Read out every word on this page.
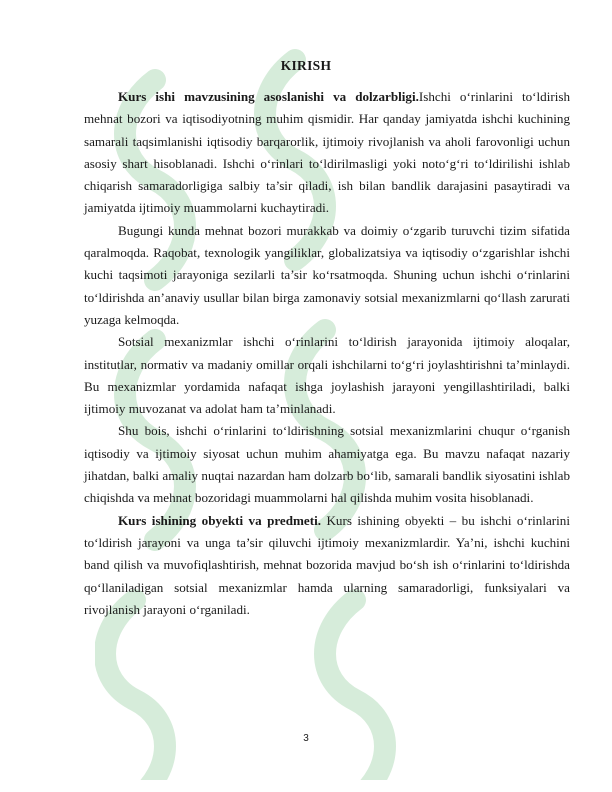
KIRISH

Kurs ishi mavzusining asoslanishi va dolzarbligi.Ishchi o‘rinlarini to‘ldirish mehnat bozori va iqtisodiyotning muhim qismidir. Har qanday jamiyatda ishchi kuchining samarali taqsimlanishi iqtisodiy barqarorlik, ijtimoiy rivojlanish va aholi farovonligi uchun asosiy shart hisoblanadi. Ishchi o‘rinlari to‘ldirilmasligi yoki noto‘g‘ri to‘ldirilishi ishlab chiqarish samaradorligiga salbiy ta’sir qiladi, ish bilan bandlik darajasini pasaytiradi va jamiyatda ijtimoiy muammolarni kuchaytiradi.

Bugungi kunda mehnat bozori murakkab va doimiy o‘zgarib turuvchi tizim sifatida qaralmoqda. Raqobat, texnologik yangiliklar, globalizatsiya va iqtisodiy o‘zgarishlar ishchi kuchi taqsimoti jarayoniga sezilarli ta’sir ko‘rsatmoqda. Shuning uchun ishchi o‘rinlarini to‘ldirishda an’anaviy usullar bilan birga zamonaviy sotsial mexanizmlarni qo‘llash zarurati yuzaga kelmoqda.

Sotsial mexanizmlar ishchi o‘rinlarini to‘ldirish jarayonida ijtimoiy aloqalar, institutlar, normativ va madaniy omillar orqali ishchilarni to‘g‘ri joylashtirishni ta’minlaydi. Bu mexanizmlar yordamida nafaqat ishga joylashish jarayoni yengillashtiriladi, balki ijtimoiy muvozanat va adolat ham ta’minlanadi.

Shu bois, ishchi o‘rinlarini to‘ldirishning sotsial mexanizmlarini chuqur o‘rganish iqtisodiy va ijtimoiy siyosat uchun muhim ahamiyatga ega. Bu mavzu nafaqat nazariy jihatdan, balki amaliy nuqtai nazardan ham dolzarb bo‘lib, samarali bandlik siyosatini ishlab chiqishda va mehnat bozoridagi muammolarni hal qilishda muhim vosita hisoblanadi.

Kurs ishining obyekti va predmeti. Kurs ishining obyekti – bu ishchi o‘rinlarini to‘ldirish jarayoni va unga ta’sir qiluvchi ijtimoiy mexanizmlardir. Ya’ni, ishchi kuchini band qilish va muvofiqlashtirish, mehnat bozorida mavjud bo‘sh ish o‘rinlarini to‘ldirishda qo‘llaniladigan sotsial mexanizmlar hamda ularning samaradorligi, funksiyalari va rivojlanish jarayoni o‘rganiladi.

3
